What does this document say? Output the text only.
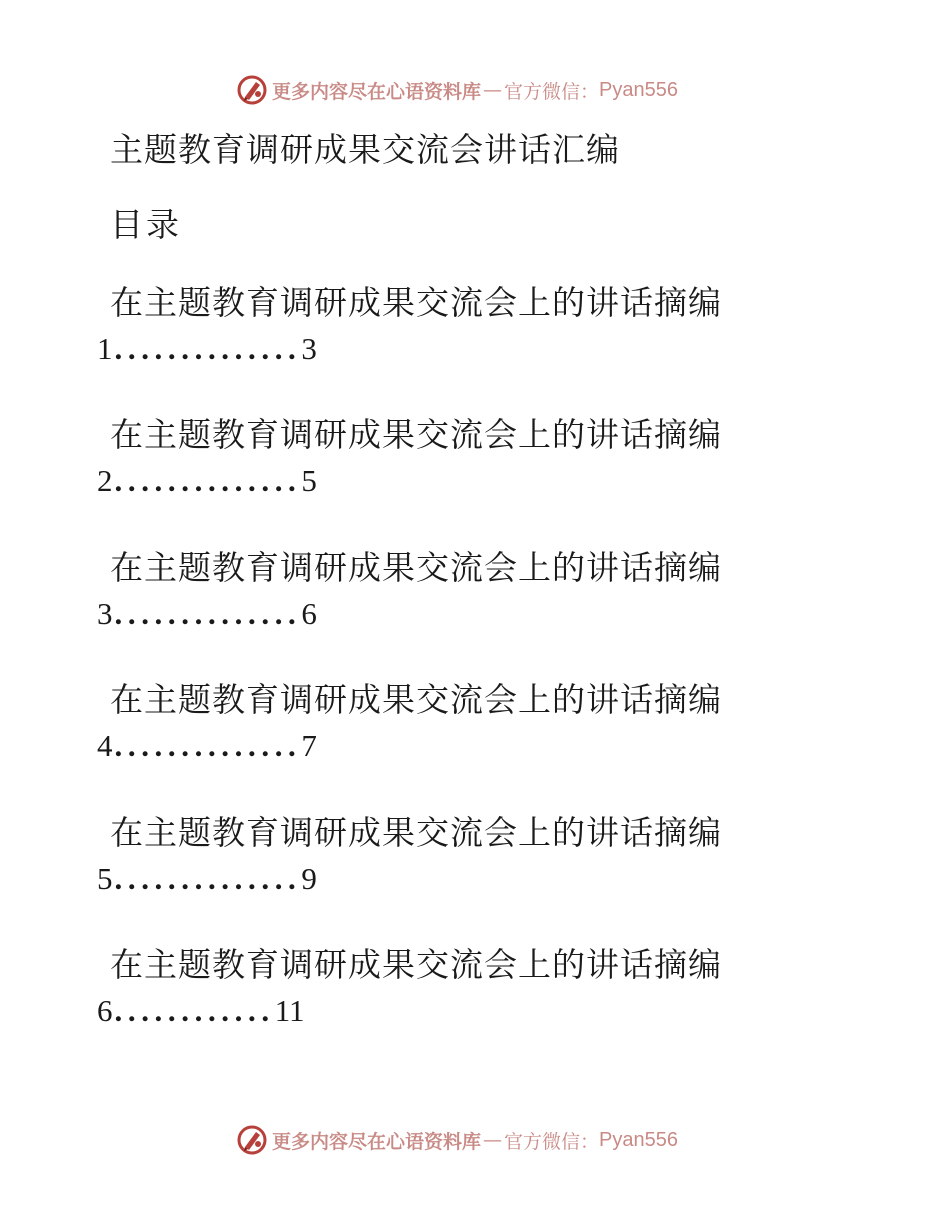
更多内容尽在心语资料库 — 官方微信： Pyan556
主题教育调研成果交流会讲话汇编
目录
在主题教育调研成果交流会上的讲话摘编
1 .............. 3
在主题教育调研成果交流会上的讲话摘编
2 .............. 5
在主题教育调研成果交流会上的讲话摘编
3 .............. 6
在主题教育调研成果交流会上的讲话摘编
4 .............. 7
在主题教育调研成果交流会上的讲话摘编
5 .............. 9
在主题教育调研成果交流会上的讲话摘编
6 ............ 11
更多内容尽在心语资料库 — 官方微信： Pyan556
